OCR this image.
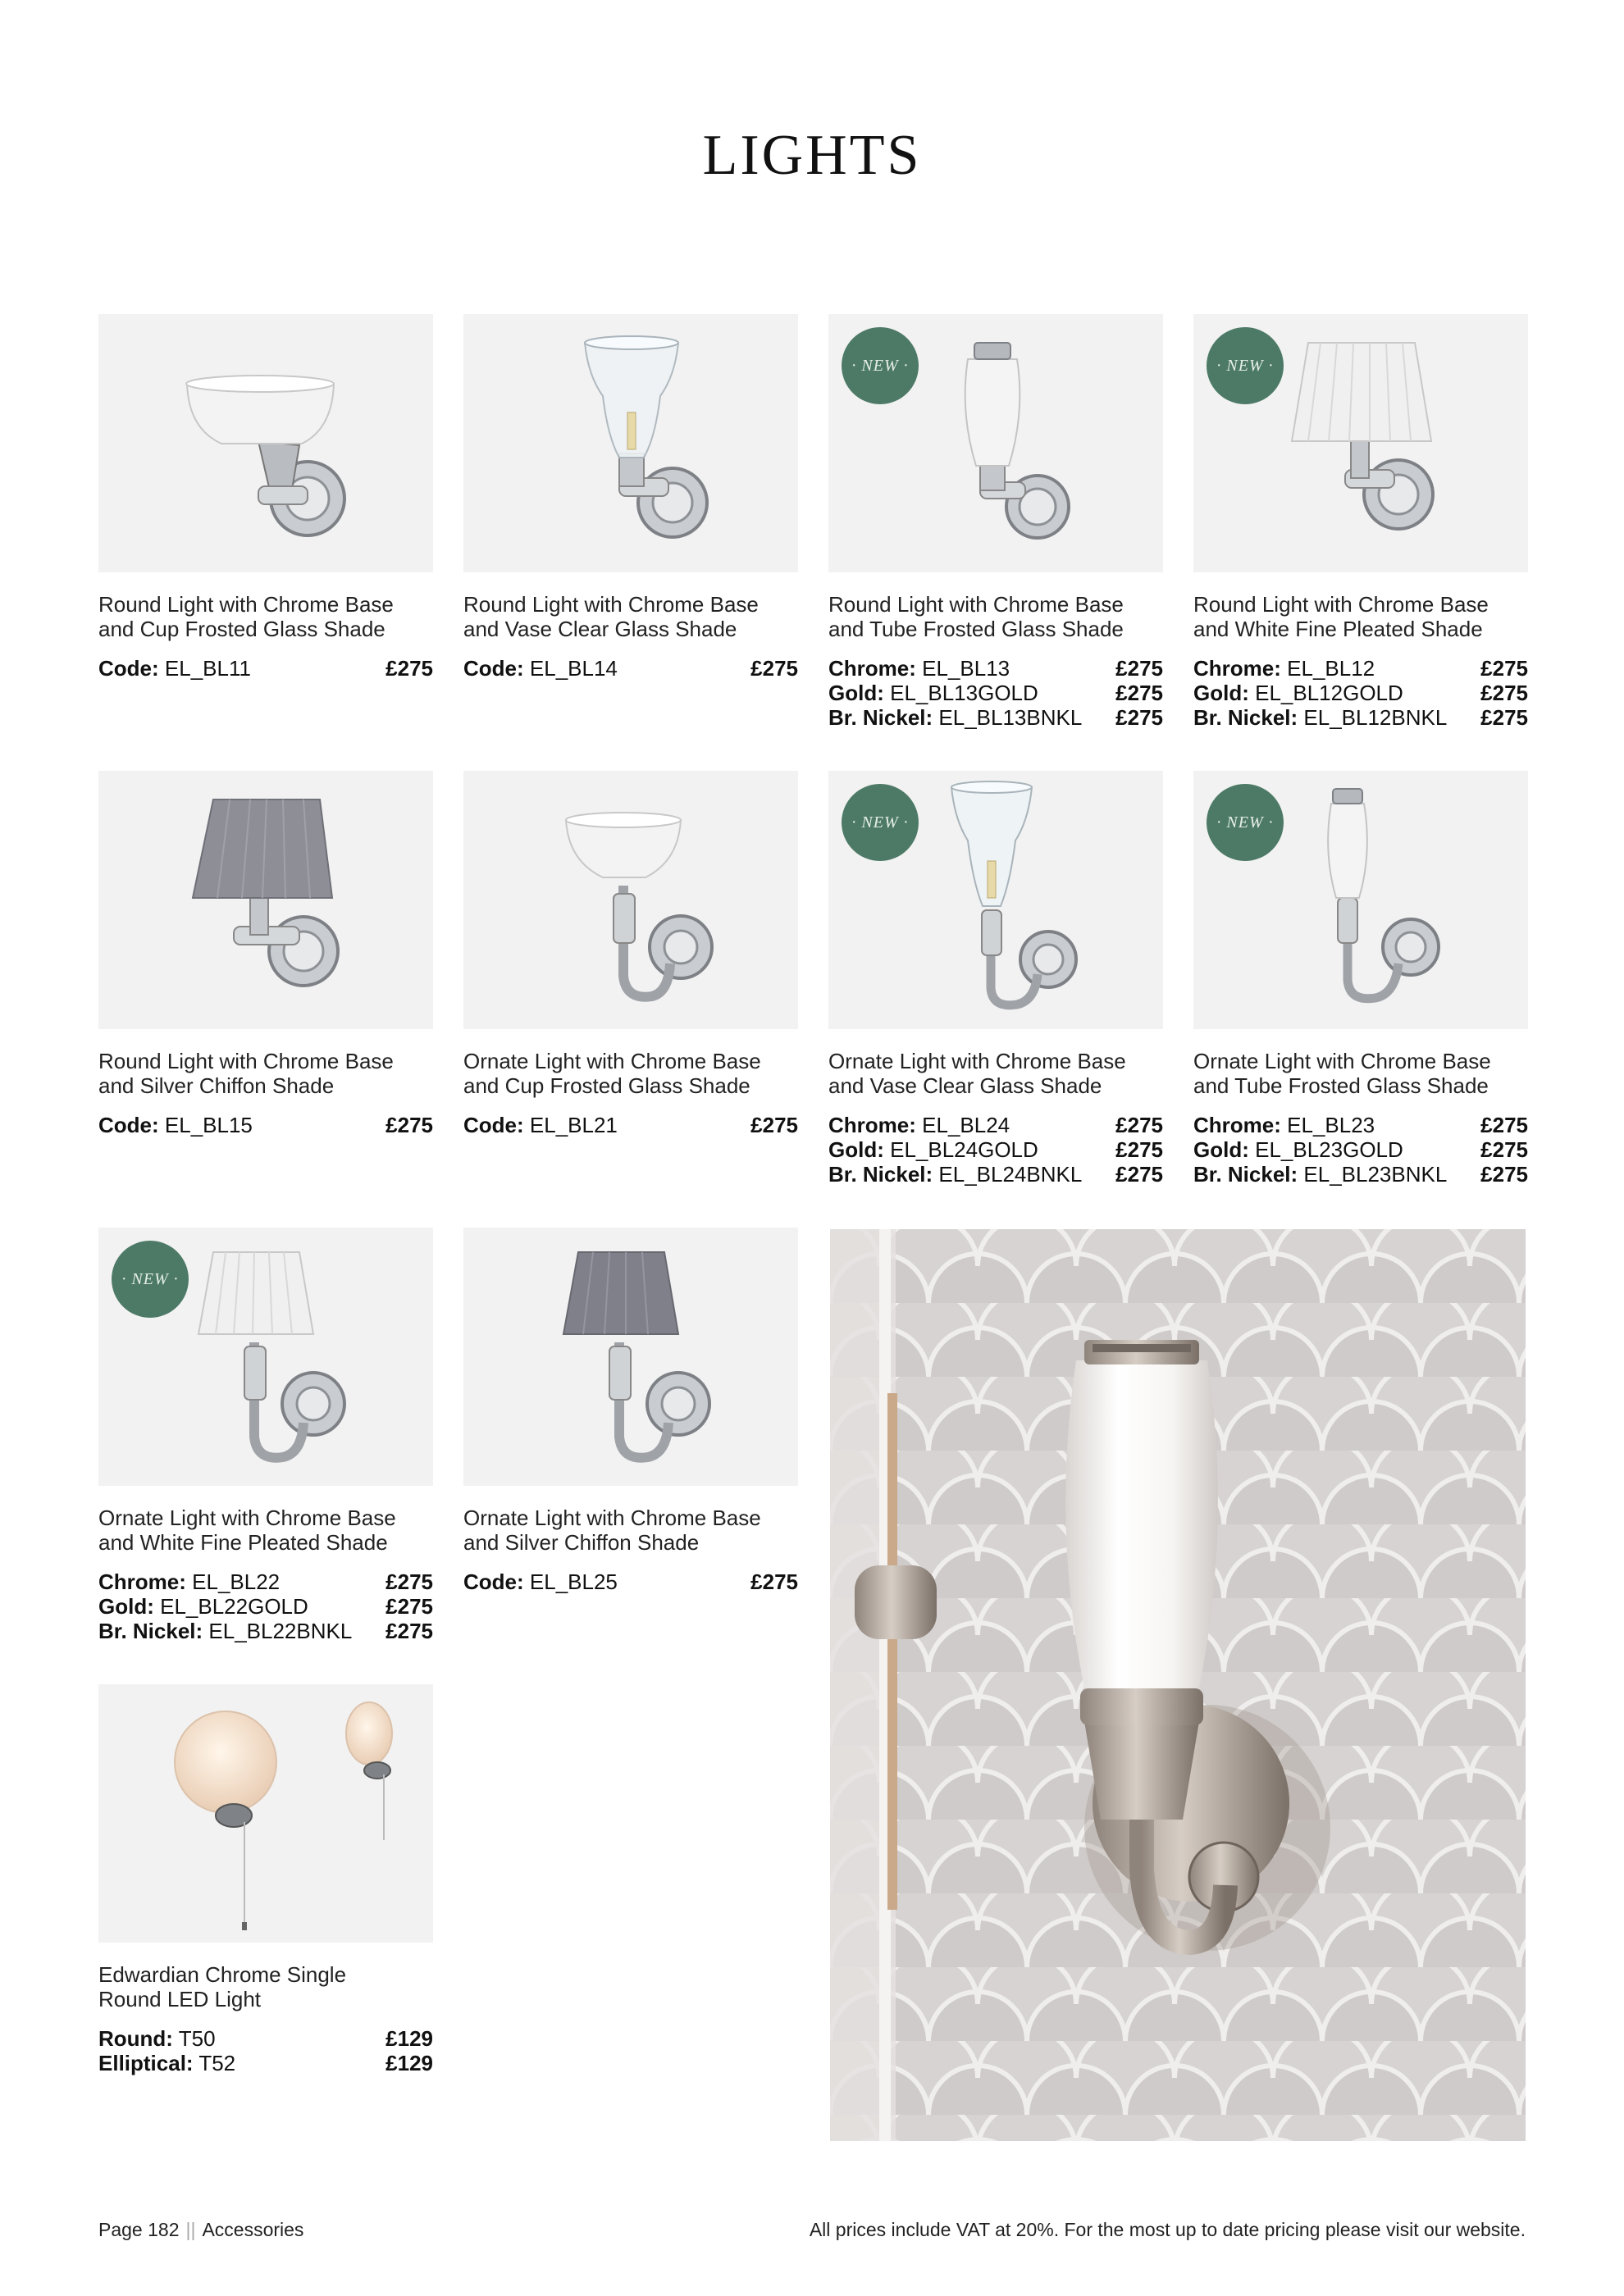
LIGHTS
Round Light with Chrome Base
and Cup Frosted Glass Shade
Code: EL_BL11	£275
Round Light with Chrome Base
and Vase Clear Glass Shade
Code: EL_BL14	£275
· NEW ·
Round Light with Chrome Base
and Tube Frosted Glass Shade
Chrome: EL_BL13	£275
Gold: EL_BL13GOLD	£275
Br. Nickel: EL_BL13BNKL £275
· NEW ·
Round Light with Chrome Base
and White Fine Pleated Shade
Chrome: EL_BL12	£275
Gold: EL_BL12GOLD	£275
Br. Nickel: EL_BL12BNKL £275
Round Light with Chrome Base
and Silver Chiffon Shade
Code: EL_BL15	£275
Ornate Light with Chrome Base
and Cup Frosted Glass Shade
Code: EL_BL21	£275
· NEW ·
Ornate Light with Chrome Base
and Vase Clear Glass Shade
Chrome: EL_BL24	£275
Gold: EL_BL24GOLD	£275
Br. Nickel: EL_BL24BNKL £275
· NEW ·
Ornate Light with Chrome Base
and Tube Frosted Glass Shade
Chrome: EL_BL23	£275
Gold: EL_BL23GOLD	£275
Br. Nickel: EL_BL23BNKL £275
· NEW ·
Ornate Light with Chrome Base
and White Fine Pleated Shade
Chrome: EL_BL22	£275
Gold: EL_BL22GOLD	£275
Br. Nickel: EL_BL22BNKL £275
Ornate Light with Chrome Base
and Silver Chiffon Shade
Code: EL_BL25	£275
Edwardian Chrome Single
Round LED Light
Round: T50	£129
Elliptical: T52	£129
Page 182 || Accessories	All prices include VAT at 20%. For the most up to date pricing please visit our website.
